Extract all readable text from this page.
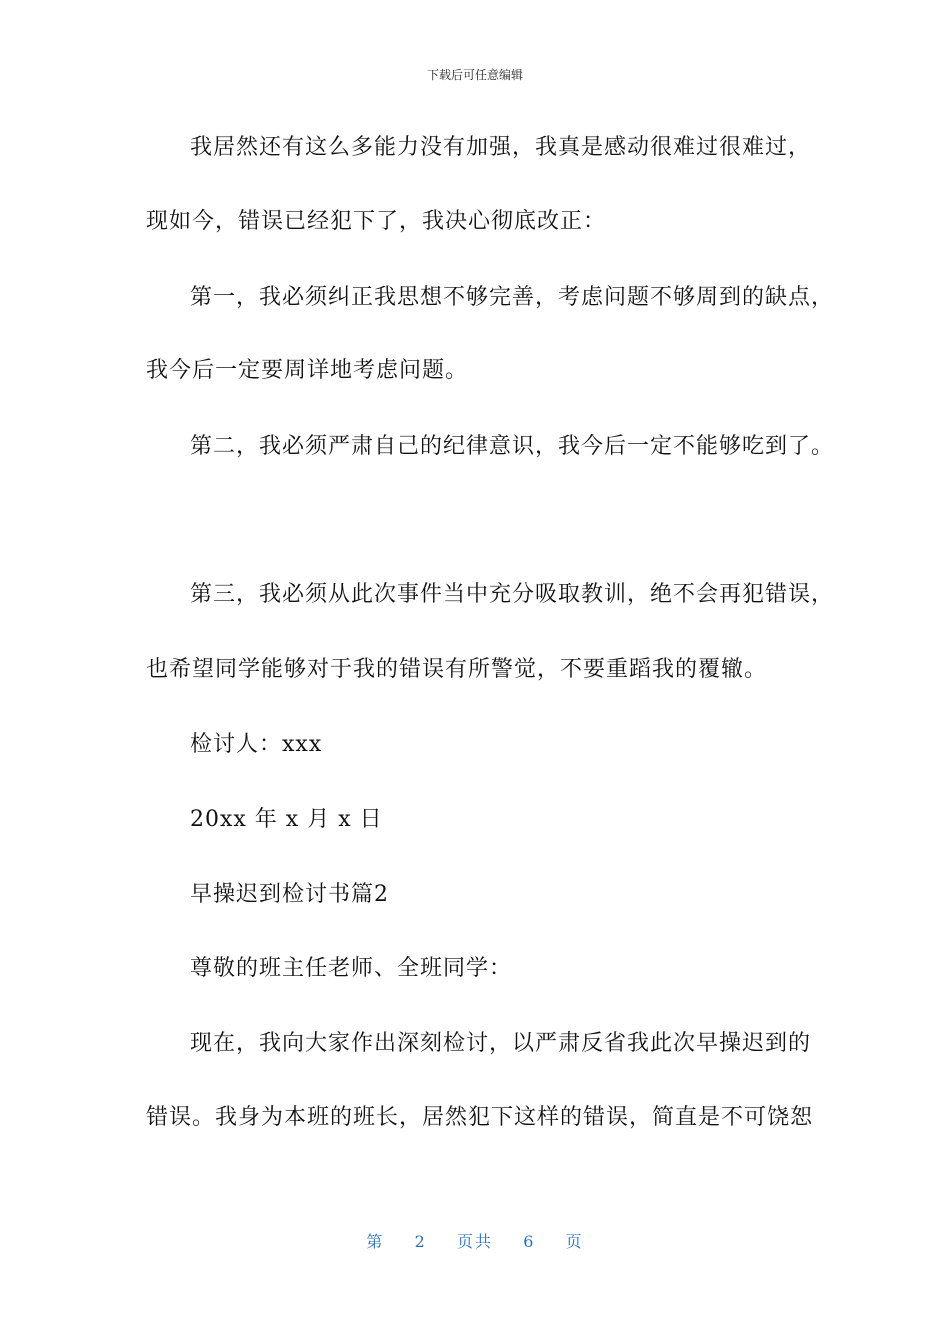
下载后可任意编辑
我居然还有这么多能力没有加强，我真是感动很难过很难过，
现如今，错误已经犯下了，我决心彻底改正：
第一，我必须纠正我思想不够完善，考虑问题不够周到的缺点，
我今后一定要周详地考虑问题。
第二，我必须严肃自己的纪律意识，我今后一定不能够吃到了。
第三，我必须从此次事件当中充分吸取教训，绝不会再犯错误，
也希望同学能够对于我的错误有所警觉，不要重蹈我的覆辙。
检讨人：xxx
20xx 年 x 月 x 日
早操迟到检讨书篇2
尊敬的班主任老师、全班同学：
现在，我向大家作出深刻检讨，以严肃反省我此次早操迟到的
错误。我身为本班的班长，居然犯下这样的错误，简直是不可饶恕
第 2 页共 6 页
